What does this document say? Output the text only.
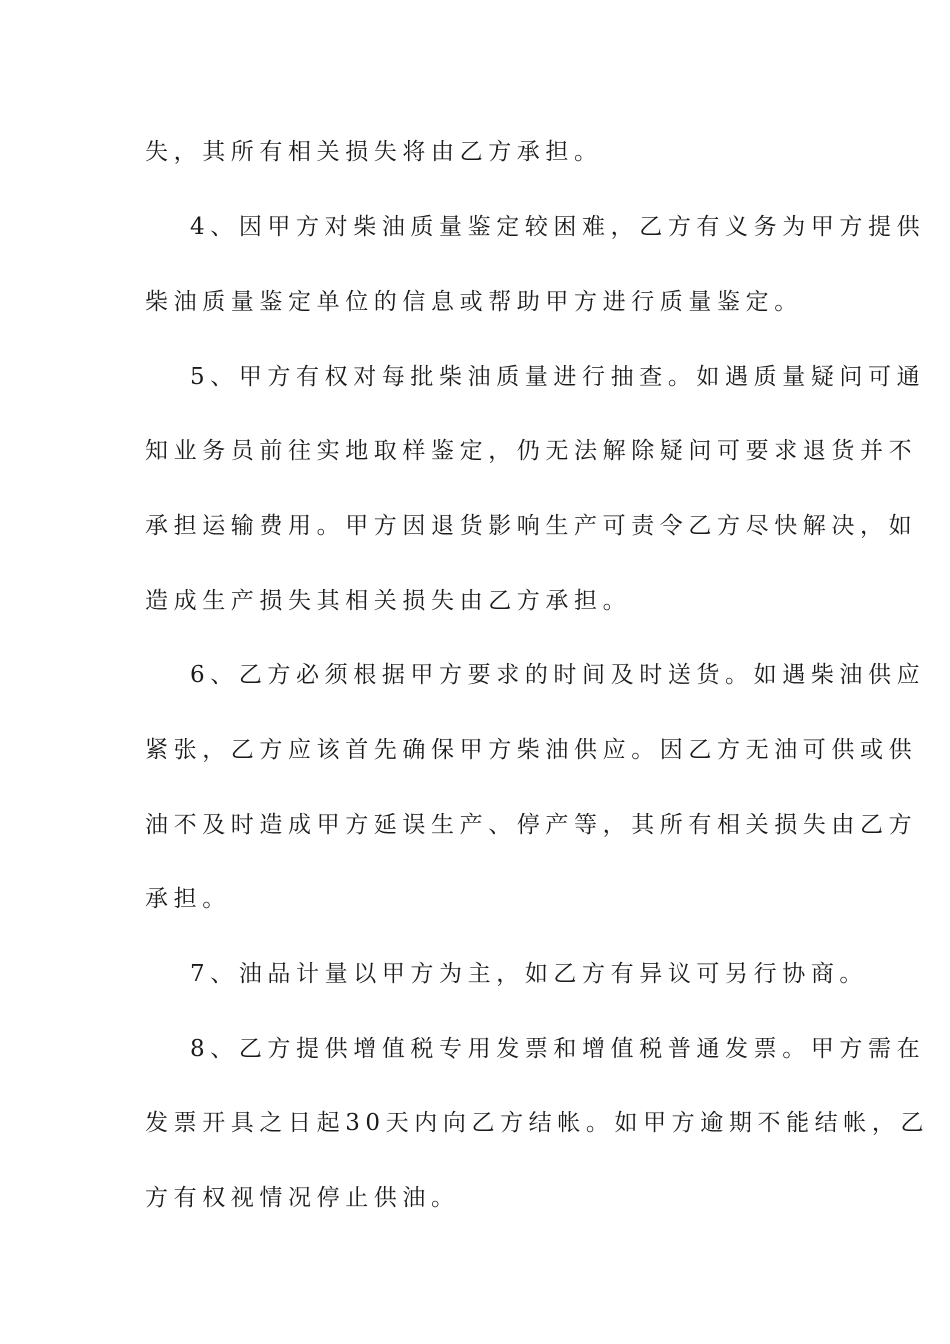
失，其所有相关损失将由乙方承担。
4、因甲方对柴油质量鉴定较困难，乙方有义务为甲方提供
柴油质量鉴定单位的信息或帮助甲方进行质量鉴定。
5、甲方有权对每批柴油质量进行抽查。如遇质量疑问可通
知业务员前往实地取样鉴定，仍无法解除疑问可要求退货并不
承担运输费用。甲方因退货影响生产可责令乙方尽快解决，如
造成生产损失其相关损失由乙方承担。
6、乙方必须根据甲方要求的时间及时送货。如遇柴油供应
紧张，乙方应该首先确保甲方柴油供应。因乙方无油可供或供
油不及时造成甲方延误生产、停产等，其所有相关损失由乙方
承担。
7、油品计量以甲方为主，如乙方有异议可另行协商。
8、乙方提供增值税专用发票和增值税普通发票。甲方需在
发票开具之日起30天内向乙方结帐。如甲方逾期不能结帐，乙
方有权视情况停止供油。
